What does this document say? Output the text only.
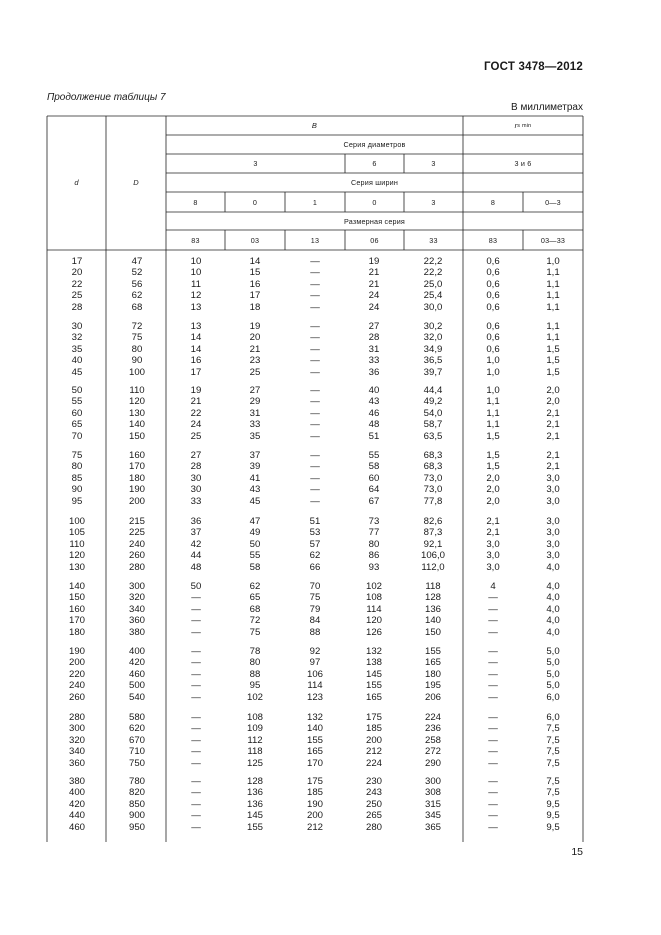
ГОСТ 3478—2012
Продолжение таблицы 7
В миллиметрах
d	D
B	r s min
Серия диаметров
3	6	3	3 и 6
Серия ширин
8	0	1	0	3	8	0—3
Размерная серия
83	03	13	06	33	83	03—33
17	47	10	14	—	19	22,2	0,6	1,0
20	52	10	15	—	21	22,2	0,6	1,1
22	56	11	16	—	21	25,0	0,6	1,1
25	62	12	17	—	24	25,4	0,6	1,1
28	68	13	18	—	24	30,0	0,6	1,1
30	72	13	19	—	27	30,2	0,6	1,1
32	75	14	20	—	28	32,0	0,6	1,1
35	80	14	21	—	31	34,9	0,6	1,5
40	90	16	23	—	33	36,5	1,0	1,5
45	100	17	25	—	36	39,7	1,0	1,5
50	110	19	27	—	40	44,4	1,0	2,0
55	120	21	29	—	43	49,2	1,1	2,0
60	130	22	31	—	46	54,0	1,1	2,1
65	140	24	33	—	48	58,7	1,1	2,1
70	150	25	35	—	51	63,5	1,5	2,1
75	160	27	37	—	55	68,3	1,5	2,1
80	170	28	39	—	58	68,3	1,5	2,1
85	180	30	41	—	60	73,0	2,0	3,0
90	190	30	43	—	64	73,0	2,0	3,0
95	200	33	45	—	67	77,8	2,0	3,0
100	215	36	47	51	73	82,6	2,1	3,0
105	225	37	49	53	77	87,3	2,1	3,0
110	240	42	50	57	80	92,1	3,0	3,0
120	260	44	55	62	86	106,0	3,0	3,0
130	280	48	58	66	93	112,0	3,0	4,0
140	300	50	62	70	102	118	4	4,0
150	320	—	65	75	108	128	—	4,0
160	340	—	68	79	114	136	—	4,0
170	360	—	72	84	120	140	—	4,0
180	380	—	75	88	126	150	—	4,0
190	400	—	78	92	132	155	—	5,0
200	420	—	80	97	138	165	—	5,0
220	460	—	88	106	145	180	—	5,0
240	500	—	95	114	155	195	—	5,0
260	540	—	102	123	165	206	—	6,0
280	580	—	108	132	175	224	—	6,0
300	620	—	109	140	185	236	—	7,5
320	670	—	112	155	200	258	—	7,5
340	710	—	118	165	212	272	—	7,5
360	750	—	125	170	224	290	—	7,5
380	780	—	128	175	230	300	—	7,5
400	820	—	136	185	243	308	—	7,5
420	850	—	136	190	250	315	—	9,5
440	900	—	145	200	265	345	—	9,5
460	950	—	155	212	280	365	—	9,5
15
